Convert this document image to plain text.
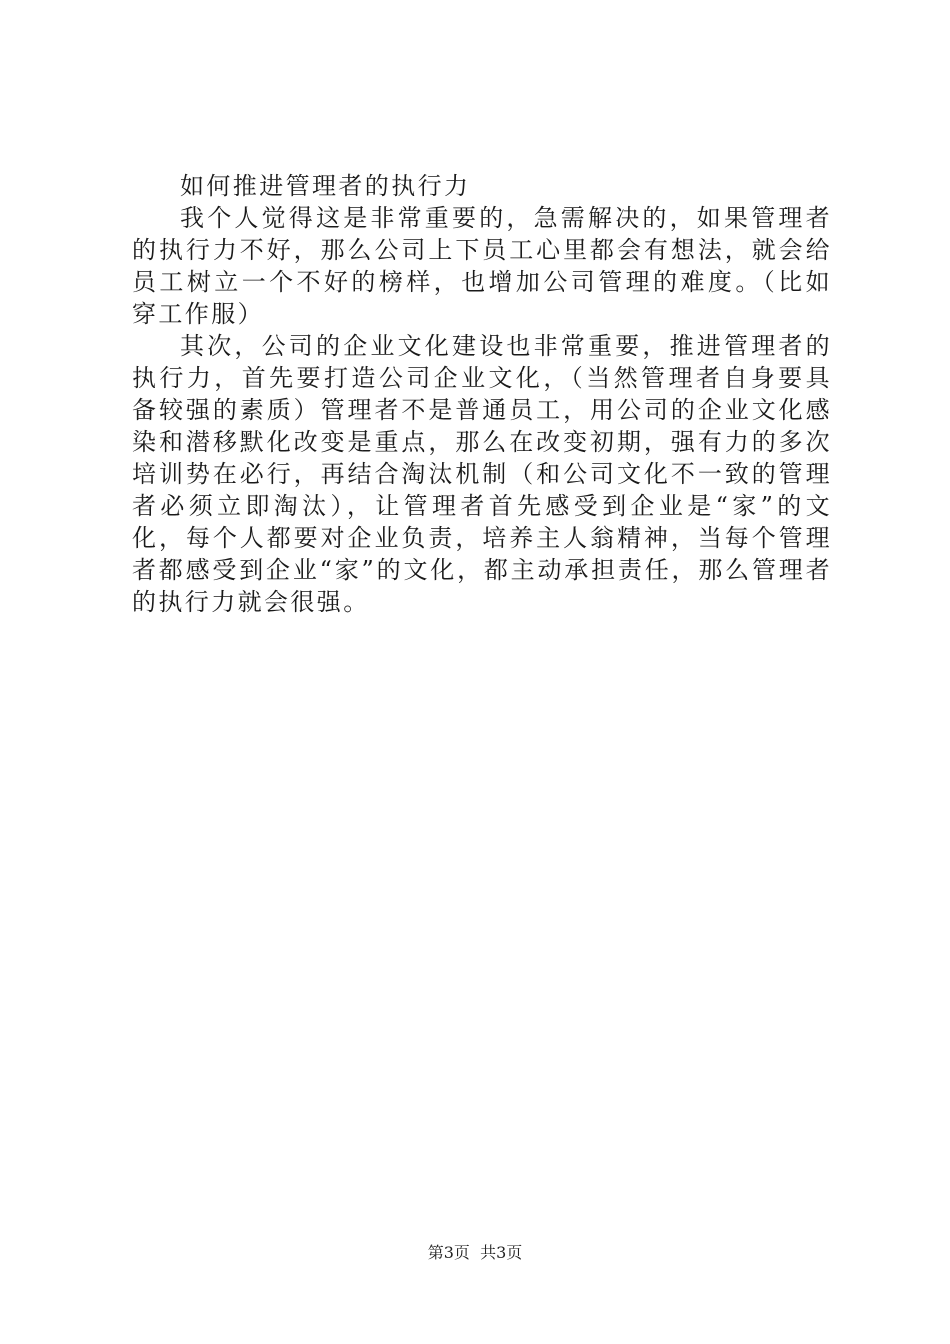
如何推进管理者的执行力

我个人觉得这是非常重要的，急需解决的，如果管理者的执行力不好，那么公司上下员工心里都会有想法，就会给员工树立一个不好的榜样，也增加公司管理的难度。（比如穿工作服）

其次，公司的企业文化建设也非常重要，推进管理者的执行力，首先要打造公司企业文化，（当然管理者自身要具备较强的素质）管理者不是普通员工，用公司的企业文化感染和潜移默化改变是重点，那么在改变初期，强有力的多次培训势在必行，再结合淘汰机制（和公司文化不一致的管理者必须立即淘汰），让管理者首先感受到企业是“家”的文化，每个人都要对企业负责，培养主人翁精神，当每个管理者都感受到企业“家”的文化，都主动承担责任，那么管理者的执行力就会很强。

第3页 共3页
